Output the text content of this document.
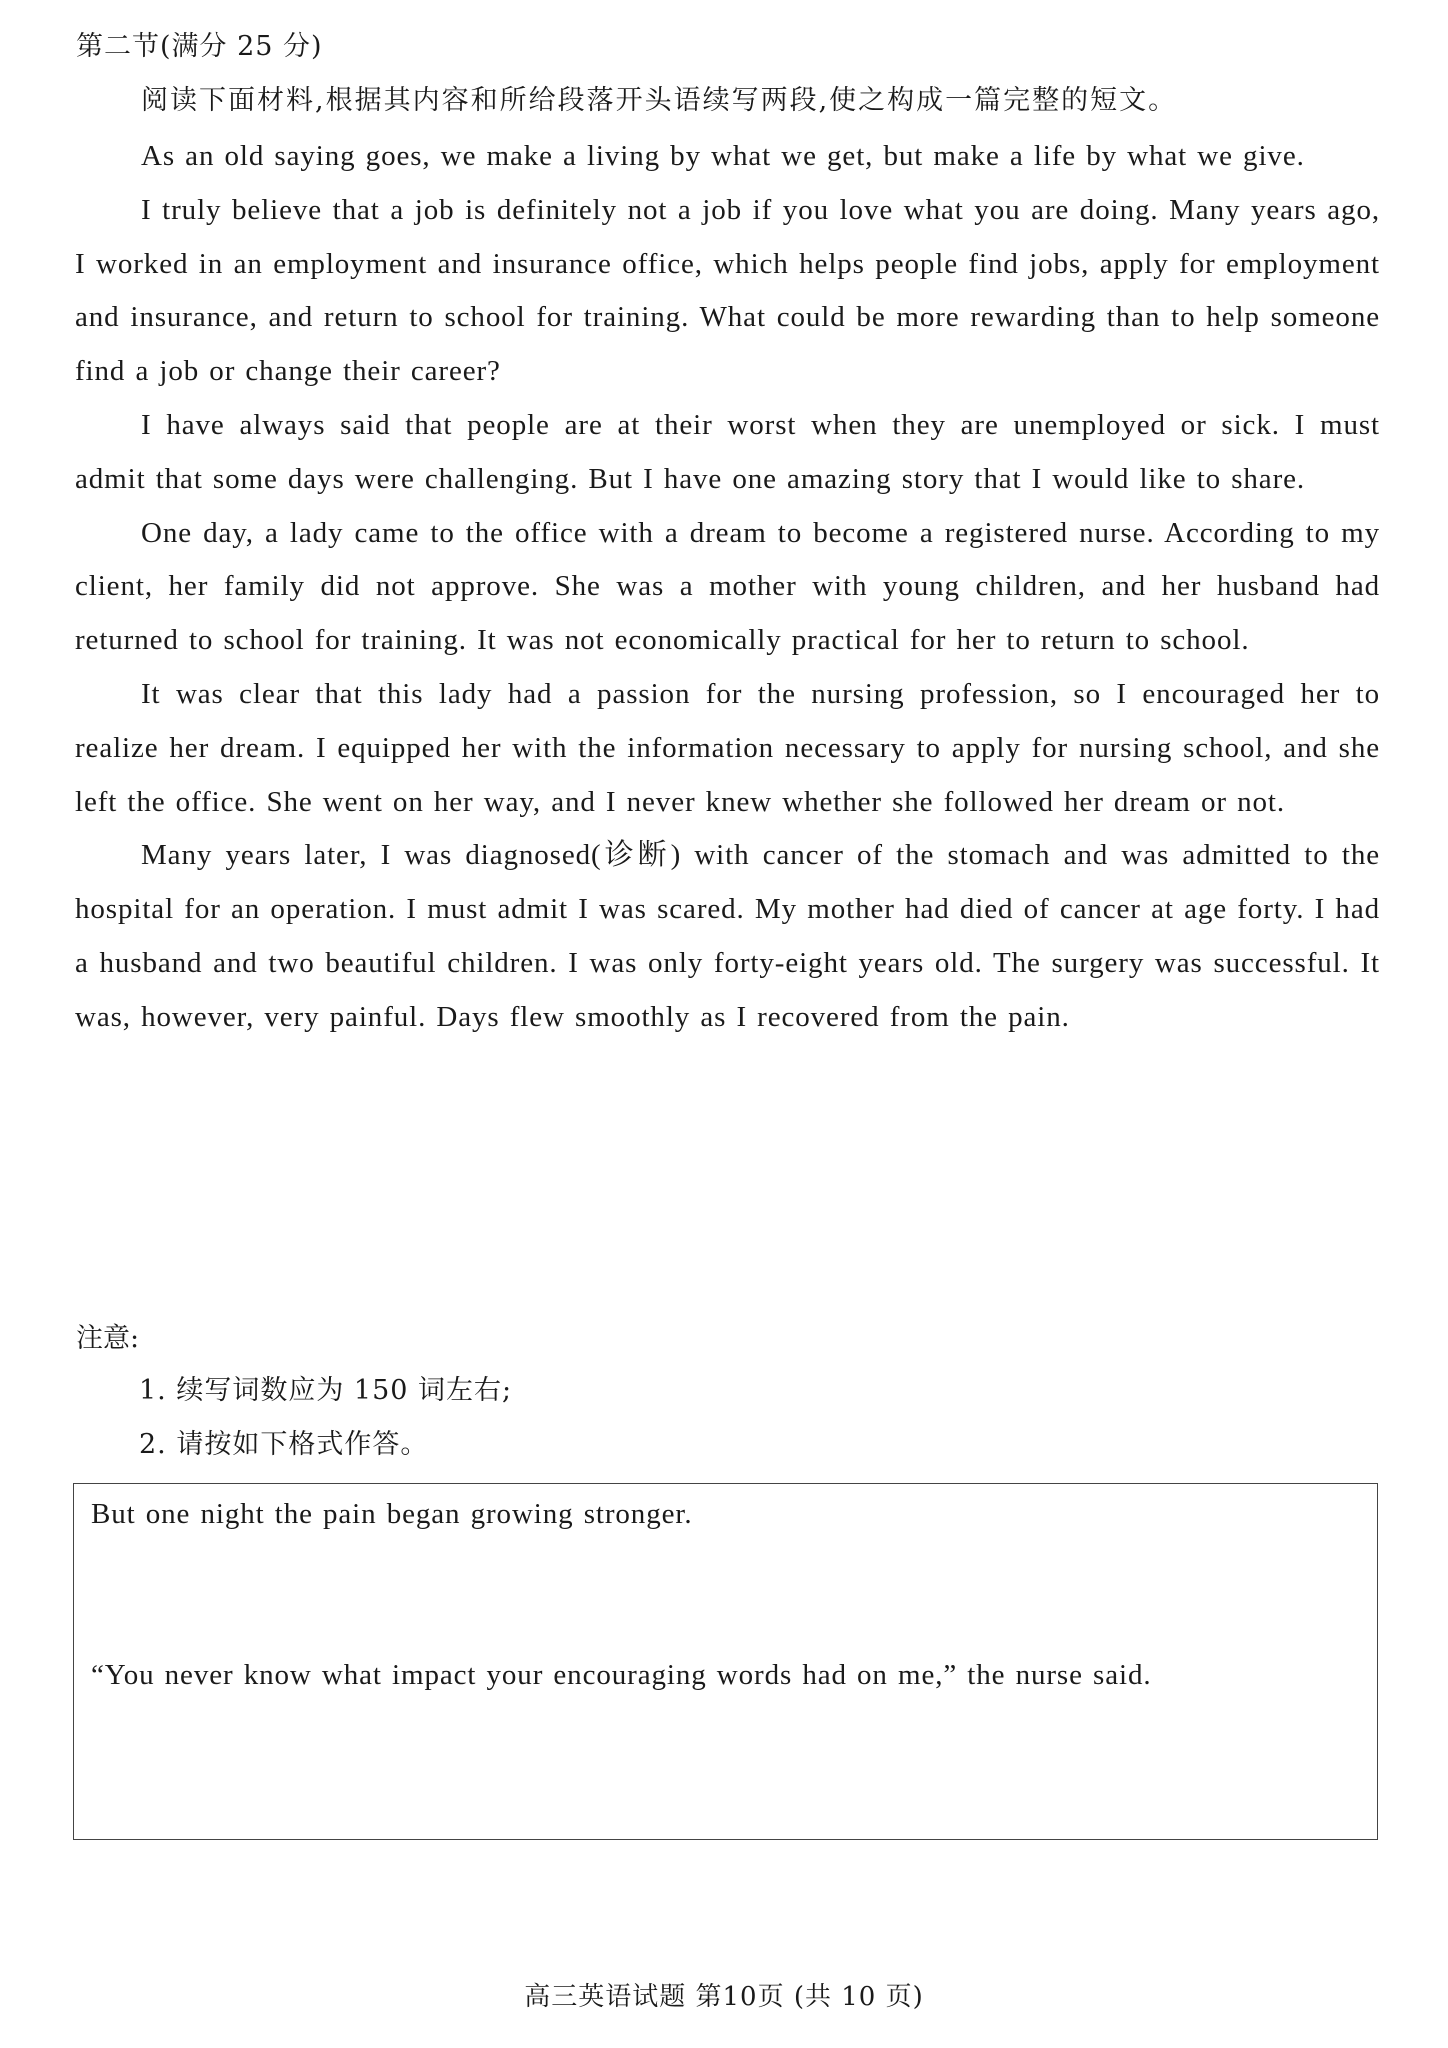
第二节(满分 25 分)
阅读下面材料,根据其内容和所给段落开头语续写两段,使之构成一篇完整的短文。

As an old saying goes, we make a living by what we get, but make a life by what we give.

I truly believe that a job is definitely not a job if you love what you are doing. Many years ago, I worked in an employment and insurance office, which helps people find jobs, apply for employment and insurance, and return to school for training. What could be more rewarding than to help someone find a job or change their career?

I have always said that people are at their worst when they are unemployed or sick. I must admit that some days were challenging. But I have one amazing story that I would like to share.

One day, a lady came to the office with a dream to become a registered nurse. According to my client, her family did not approve. She was a mother with young children, and her husband had returned to school for training. It was not economically practical for her to return to school.

It was clear that this lady had a passion for the nursing profession, so I encouraged her to realize her dream. I equipped her with the information necessary to apply for nursing school, and she left the office. She went on her way, and I never knew whether she followed her dream or not.

Many years later, I was diagnosed(诊断) with cancer of the stomach and was admitted to the hospital for an operation. I must admit I was scared. My mother had died of cancer at age forty. I had a husband and two beautiful children. I was only forty-eight years old. The surgery was successful. It was, however, very painful. Days flew smoothly as I recovered from the pain.

注意:
1. 续写词数应为 150 词左右;
2. 请按如下格式作答。
But one night the pain began growing stronger.
“You never know what impact your encouraging words had on me,” the nurse said.
高三英语试题 第10页 (共 10 页)
